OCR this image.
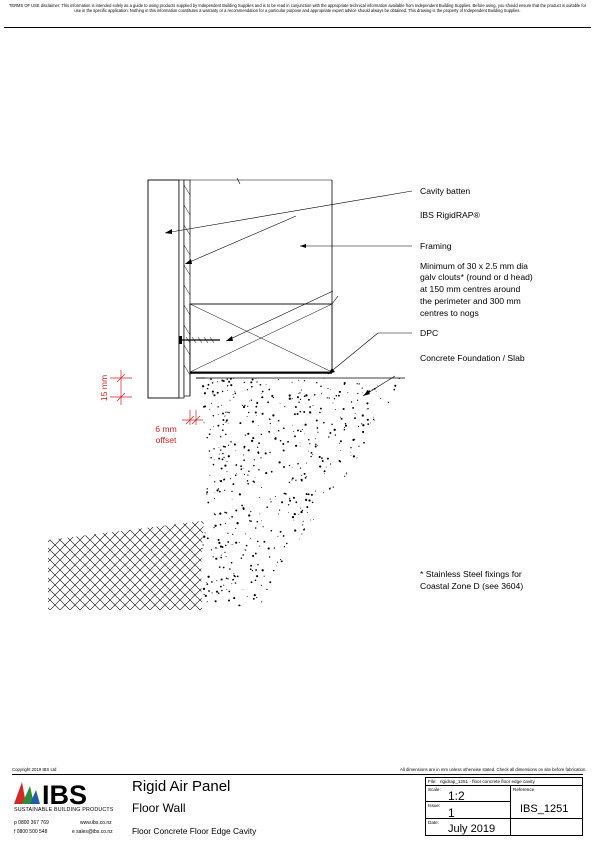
TERMS OF USE disclaimer: This information is intended solely as a guide to using products supplied by Independent Building Supplies and is to be read in conjunction with the appropriate technical information available from Independent Building Supplies. Before using, you should ensure that the product is suitable for use in the specific application. Nothing in this information constitutes a warranty or a recommendation for a particular purpose and appropriate expert advice should always be obtained. This drawing is the property of Independent Building Supplies.
Cavity batten
IBS RigidRAP®
Framing
Minimum of 30 x 2.5 mm dia
galv clouts* (round or d head)
at 150 mm centres around
the perimeter and 300 mm
centres to nogs
DPC
Concrete Foundation / Slab
15 mm
6 mm
offset
* Stainless Steel fixings for
Coastal Zone D (see 3604)
Copyright 2019 IBS Ltd	All dimensions are in mm unless otherwise stated. Check all dimensions on site before fabrication.
IBS
SUSTAINABLE BUILDING PRODUCTS
p 0800 367 769
f 0800 500 548
www.ibs.co.nz
e sales@ibs.co.nz
Rigid Air Panel
Floor Wall
Floor Concrete Floor Edge Cavity
File: rigidrap_1251 - floor concrete floor edge cavity
Scale: 1:2	Reference
IBS_1251
Issue:
1
Date:
July 2019
